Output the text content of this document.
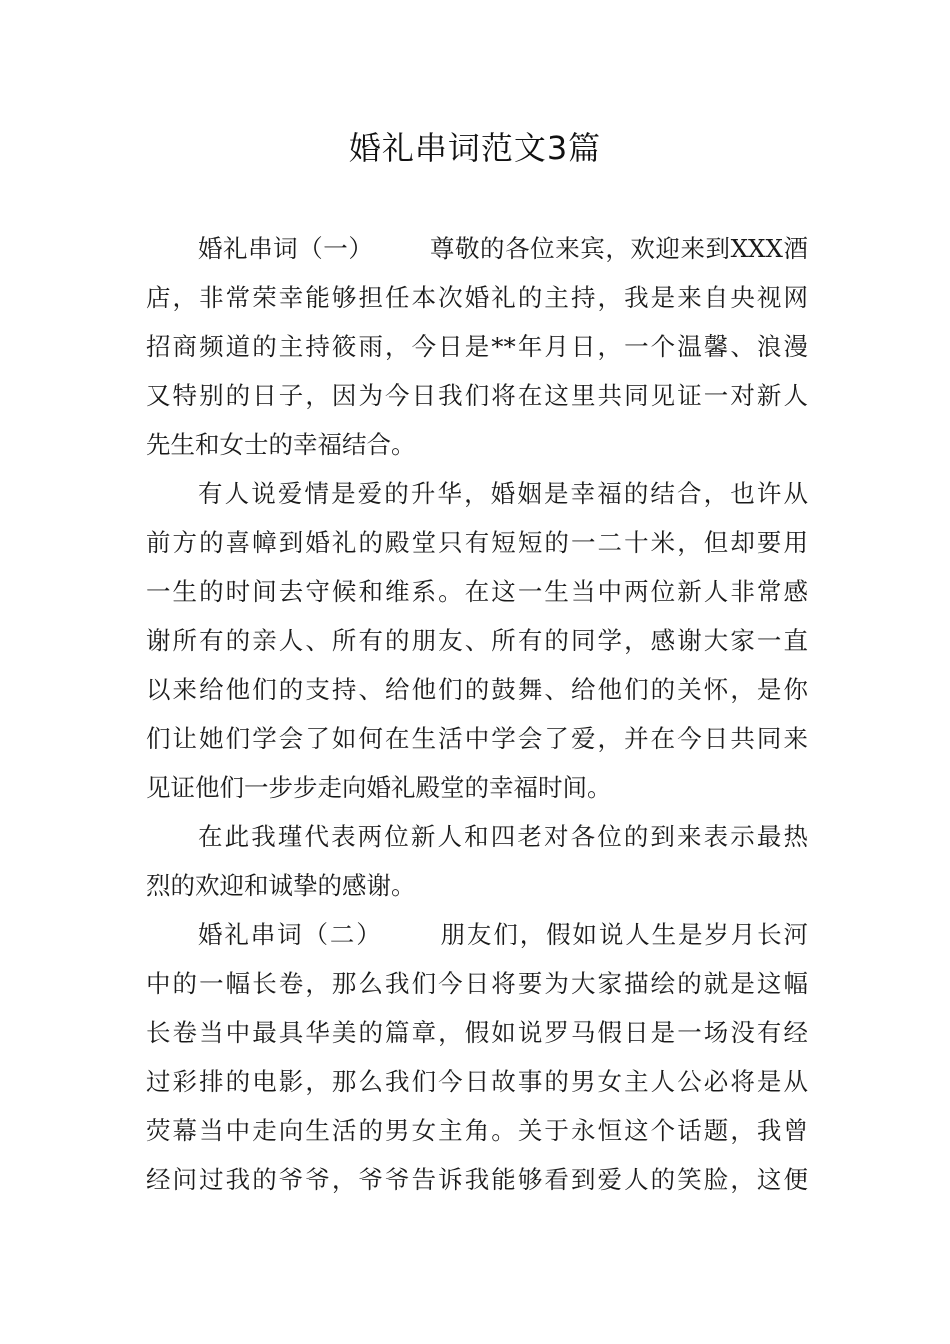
婚礼串词范文3篇
婚礼串词（一） 尊敬的各位来宾，欢迎来到XXX酒
店，非常荣幸能够担任本次婚礼的主持，我是来自央视网
招商频道的主持筱雨，今日是**年月日，一个温馨、浪漫
又特别的日子，因为今日我们将在这里共同见证一对新人
先生和女士的幸福结合。
有人说爱情是爱的升华，婚姻是幸福的结合，也许从
前方的喜幛到婚礼的殿堂只有短短的一二十米，但却要用
一生的时间去守候和维系。在这一生当中两位新人非常感
谢所有的亲人、所有的朋友、所有的同学，感谢大家一直
以来给他们的支持、给他们的鼓舞、给他们的关怀，是你
们让她们学会了如何在生活中学会了爱，并在今日共同来
见证他们一步步走向婚礼殿堂的幸福时间。
在此我瑾代表两位新人和四老对各位的到来表示最热
烈的欢迎和诚挚的感谢。
婚礼串词（二） 朋友们，假如说人生是岁月长河
中的一幅长卷，那么我们今日将要为大家描绘的就是这幅
长卷当中最具华美的篇章，假如说罗马假日是一场没有经
过彩排的电影，那么我们今日故事的男女主人公必将是从
荧幕当中走向生活的男女主角。关于永恒这个话题，我曾
经问过我的爷爷，爷爷告诉我能够看到爱人的笑脸，这便
